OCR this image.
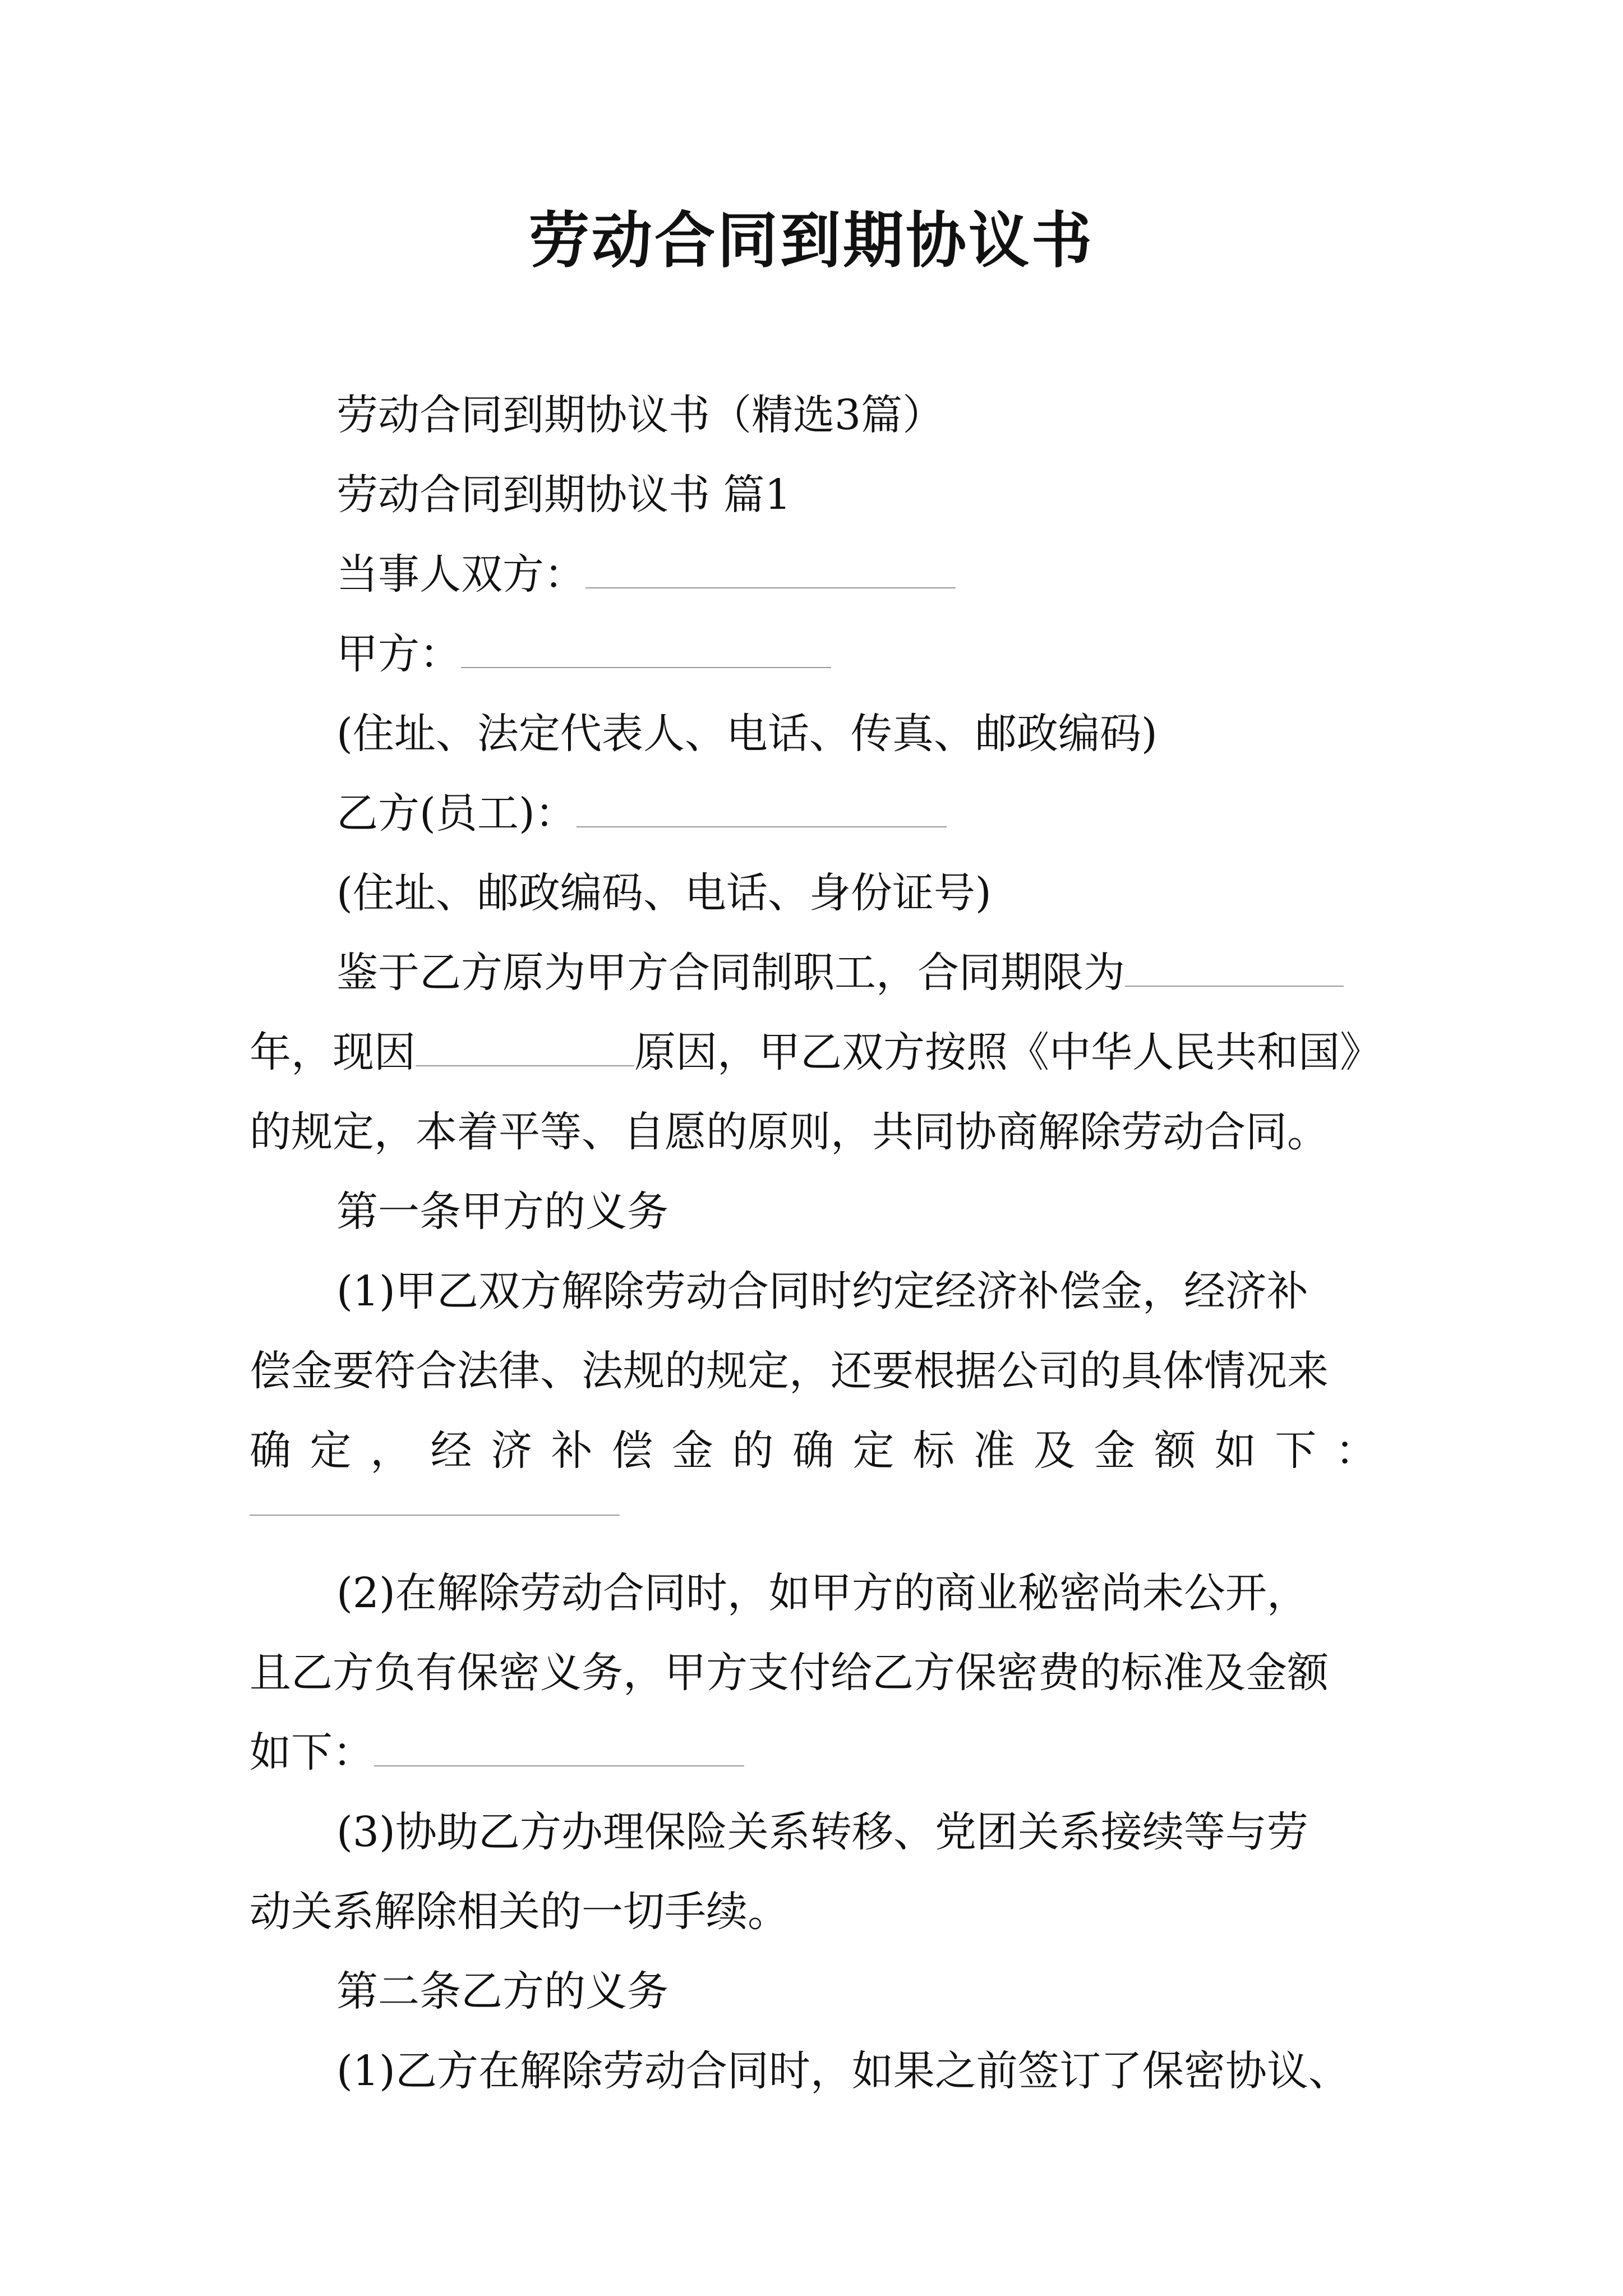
劳动合同到期协议书
劳动合同到期协议书（精选3篇）
劳动合同到期协议书 篇1
当事人双方：
甲方：
(住址、法定代表人、电话、传真、邮政编码)
乙方(员工)：
(住址、邮政编码、电话、身份证号)
鉴于乙方原为甲方合同制职工，合同期限为
年，现因	原因，甲乙双方按照《中华人民共和国》
的规定，本着平等、自愿的原则，共同协商解除劳动合同。
第一条甲方的义务
(1)甲乙双方解除劳动合同时约定经济补偿金，经济补
偿金要符合法律、法规的规定，还要根据公司的具体情况来
确 定 ， 经 济 补 偿 金 的 确 定 标 准 及 金 额 如 下 ：
(2)在解除劳动合同时，如甲方的商业秘密尚未公开，
且乙方负有保密义务，甲方支付给乙方保密费的标准及金额
如下：
(3)协助乙方办理保险关系转移、党团关系接续等与劳
动关系解除相关的一切手续。
第二条乙方的义务
(1)乙方在解除劳动合同时，如果之前签订了保密协议、
